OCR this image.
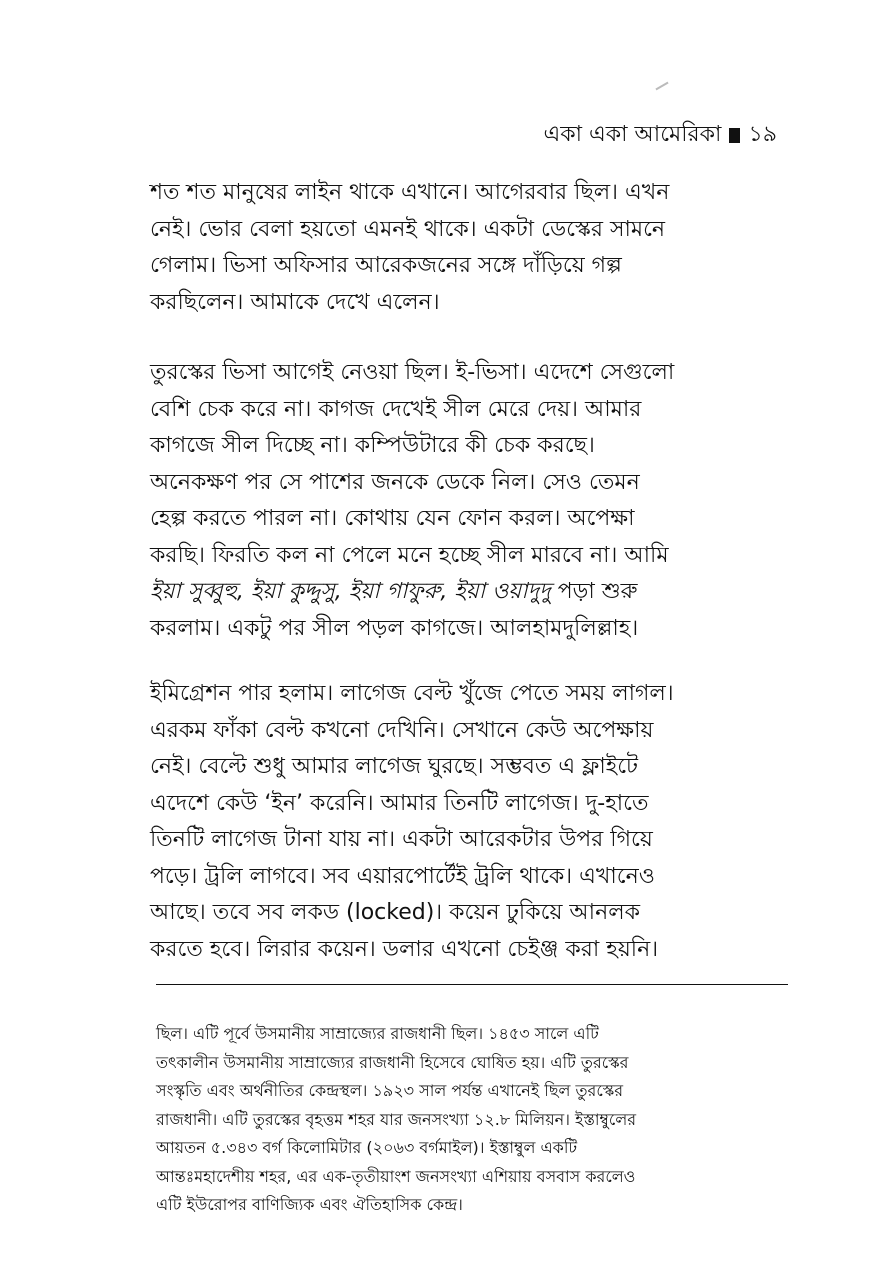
একা একা আমেরিকা ১৯
শত শত মানুষের লাইন থাকে এখানে। আগেরবার ছিল। এখন
নেই। ভোর বেলা হয়তো এমনই থাকে। একটা ডেস্কের সামনে
গেলাম। ভিসা অফিসার আরেকজনের সঙ্গে দাঁড়িয়ে গল্প
করছিলেন। আমাকে দেখে এলেন।
তুরস্কের ভিসা আগেই নেওয়া ছিল। ই-ভিসা। এদেশে সেগুলো
বেশি চেক করে না। কাগজ দেখেই সীল মেরে দেয়। আমার
কাগজে সীল দিচ্ছে না। কম্পিউটারে কী চেক করছে।
অনেকক্ষণ পর সে পাশের জনকে ডেকে নিল। সেও তেমন
হেল্প করতে পারল না। কোথায় যেন ফোন করল। অপেক্ষা
করছি। ফিরতি কল না পেলে মনে হচ্ছে সীল মারবে না। আমি
ইয়া সুব্বুহু, ইয়া কুদ্দুসু, ইয়া গাফুরু, ইয়া ওয়াদুদু পড়া শুরু
করলাম। একটু পর সীল পড়ল কাগজে। আলহামদুলিল্লাহ।
ইমিগ্রেশন পার হলাম। লাগেজ বেল্ট খুঁজে পেতে সময় লাগল।
এরকম ফাঁকা বেল্ট কখনো দেখিনি। সেখানে কেউ অপেক্ষায়
নেই। বেল্টে শুধু আমার লাগেজ ঘুরছে। সম্ভবত এ ফ্লাইটে
এদেশে কেউ ‘ইন’ করেনি। আমার তিনটি লাগেজ। দু-হাতে
তিনটি লাগেজ টানা যায় না। একটা আরেকটার উপর গিয়ে
পড়ে। ট্রলি লাগবে। সব এয়ারপোর্টেই ট্রলি থাকে। এখানেও
আছে। তবে সব লকড (locked)। কয়েন ঢুকিয়ে আনলক
করতে হবে। লিরার কয়েন। ডলার এখনো চেইঞ্জ করা হয়নি।
ছিল। এটি পূর্বে উসমানীয় সাম্রাজ্যের রাজধানী ছিল। ১৪৫৩ সালে এটি
তৎকালীন উসমানীয় সাম্রাজ্যের রাজধানী হিসেবে ঘোষিত হয়। এটি তুরস্কের
সংস্কৃতি এবং অর্থনীতির কেন্দ্রস্থল। ১৯২৩ সাল পর্যন্ত এখানেই ছিল তুরস্কের
রাজধানী। এটি তুরস্কের বৃহত্তম শহর যার জনসংখ্যা ১২.৮ মিলিয়ন। ইস্তাম্বুলের
আয়তন ৫.৩৪৩ বর্গ কিলোমিটার (২০৬৩ বর্গমাইল)। ইস্তাম্বুল একটি
আন্তঃমহাদেশীয় শহর, এর এক-তৃতীয়াংশ জনসংখ্যা এশিয়ায় বসবাস করলেও
এটি ইউরোপর বাণিজ্যিক এবং ঐতিহাসিক কেন্দ্র।
